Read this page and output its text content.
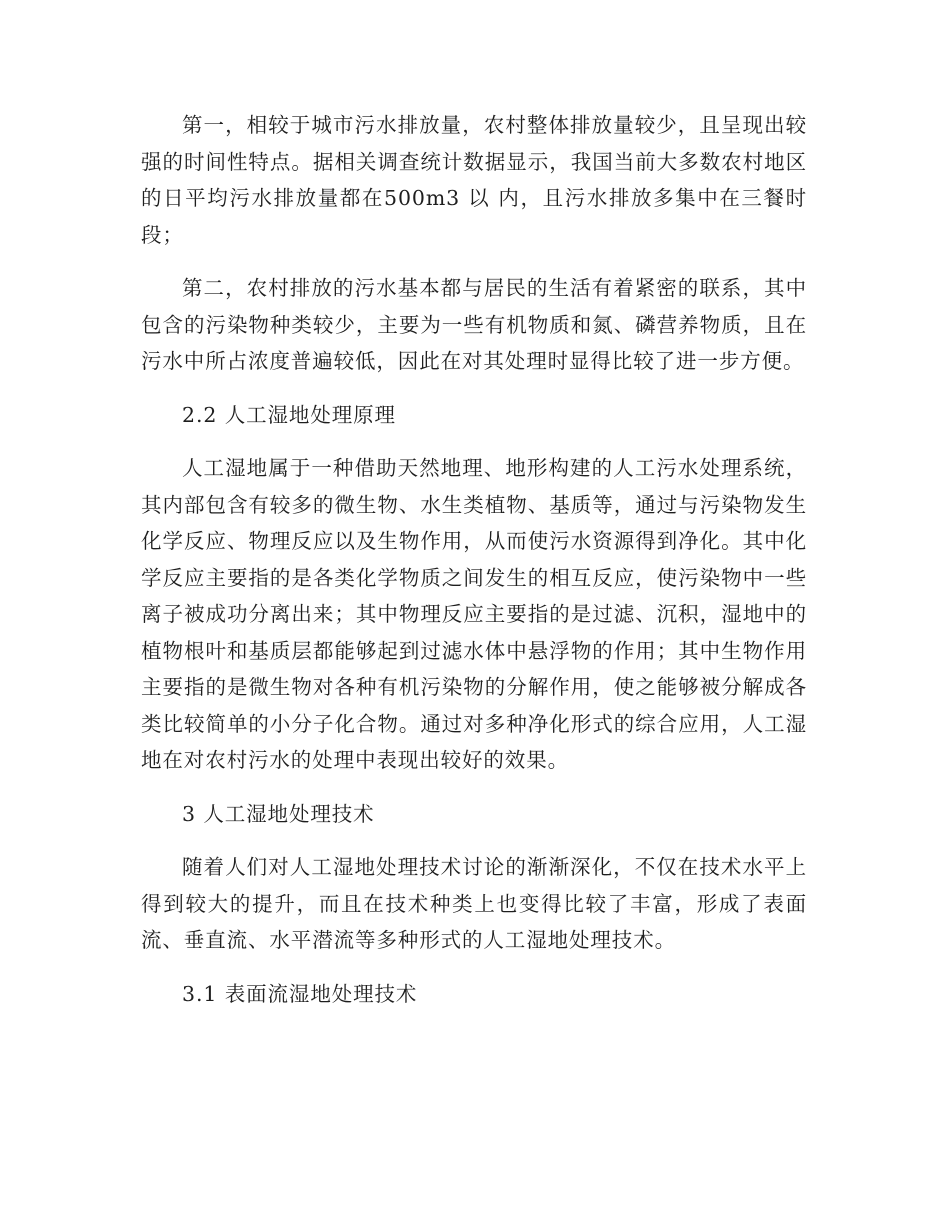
第一，相较于城市污水排放量，农村整体排放量较少，且呈现出较强的时间性特点。据相关调查统计数据显示，我国当前大多数农村地区的日平均污水排放量都在500m3 以 内，且污水排放多集中在三餐时段；

第二，农村排放的污水基本都与居民的生活有着紧密的联系，其中包含的污染物种类较少，主要为一些有机物质和氮、磷营养物质，且在污水中所占浓度普遍较低，因此在对其处理时显得比较了进一步方便。

2.2 人工湿地处理原理

人工湿地属于一种借助天然地理、地形构建的人工污水处理系统，其内部包含有较多的微生物、水生类植物、基质等，通过与污染物发生化学反应、物理反应以及生物作用，从而使污水资源得到净化。其中化学反应主要指的是各类化学物质之间发生的相互反应，使污染物中一些离子被成功分离出来；其中物理反应主要指的是过滤、沉积，湿地中的植物根叶和基质层都能够起到过滤水体中悬浮物的作用；其中生物作用主要指的是微生物对各种有机污染物的分解作用，使之能够被分解成各类比较简单的小分子化合物。通过对多种净化形式的综合应用，人工湿地在对农村污水的处理中表现出较好的效果。

3 人工湿地处理技术

随着人们对人工湿地处理技术讨论的渐渐深化，不仅在技术水平上得到较大的提升，而且在技术种类上也变得比较了丰富，形成了表面流、垂直流、水平潜流等多种形式的人工湿地处理技术。

3.1 表面流湿地处理技术
